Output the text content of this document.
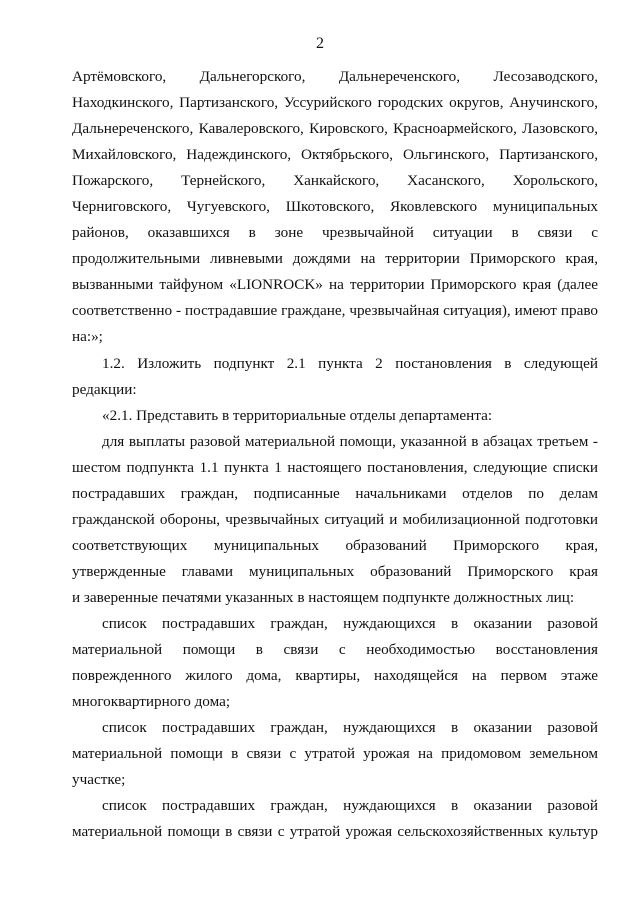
2
Артёмовского, Дальнегорского, Дальнереченского, Лесозаводского,
Находкинского, Партизанского, Уссурийского городских округов, Анучинского,
Дальнереченского, Кавалеровского, Кировского, Красноармейского, Лазовского,
Михайловского, Надеждинского, Октябрьского, Ольгинского, Партизанского,
Пожарского, Тернейского, Ханкайского, Хасанского, Хорольского,
Черниговского, Чугуевского, Шкотовского, Яковлевского муниципальных
районов, оказавшихся в зоне чрезвычайной ситуации в связи с
продолжительными ливневыми дождями на территории Приморского края,
вызванными тайфуном «LIONROCK» на территории Приморского края (далее
соответственно - пострадавшие граждане, чрезвычайная ситуация), имеют право
на:»;
1.2. Изложить подпункт 2.1 пункта 2 постановления в следующей
редакции:
«2.1. Представить в территориальные отделы департамента:
для выплаты разовой материальной помощи, указанной в абзацах третьем -
шестом подпункта 1.1 пункта 1 настоящего постановления, следующие списки
пострадавших граждан, подписанные начальниками отделов по делам
гражданской обороны, чрезвычайных ситуаций и мобилизационной подготовки
соответствующих муниципальных образований Приморского края,
утвержденные главами муниципальных образований Приморского края
и заверенные печатями указанных в настоящем подпункте должностных лиц:
список пострадавших граждан, нуждающихся в оказании разовой
материальной помощи в связи с необходимостью восстановления
поврежденного жилого дома, квартиры, находящейся на первом этаже
многоквартирного дома;
список пострадавших граждан, нуждающихся в оказании разовой
материальной помощи в связи с утратой урожая на придомовом земельном
участке;
список пострадавших граждан, нуждающихся в оказании разовой
материальной помощи в связи с утратой урожая сельскохозяйственных культур
